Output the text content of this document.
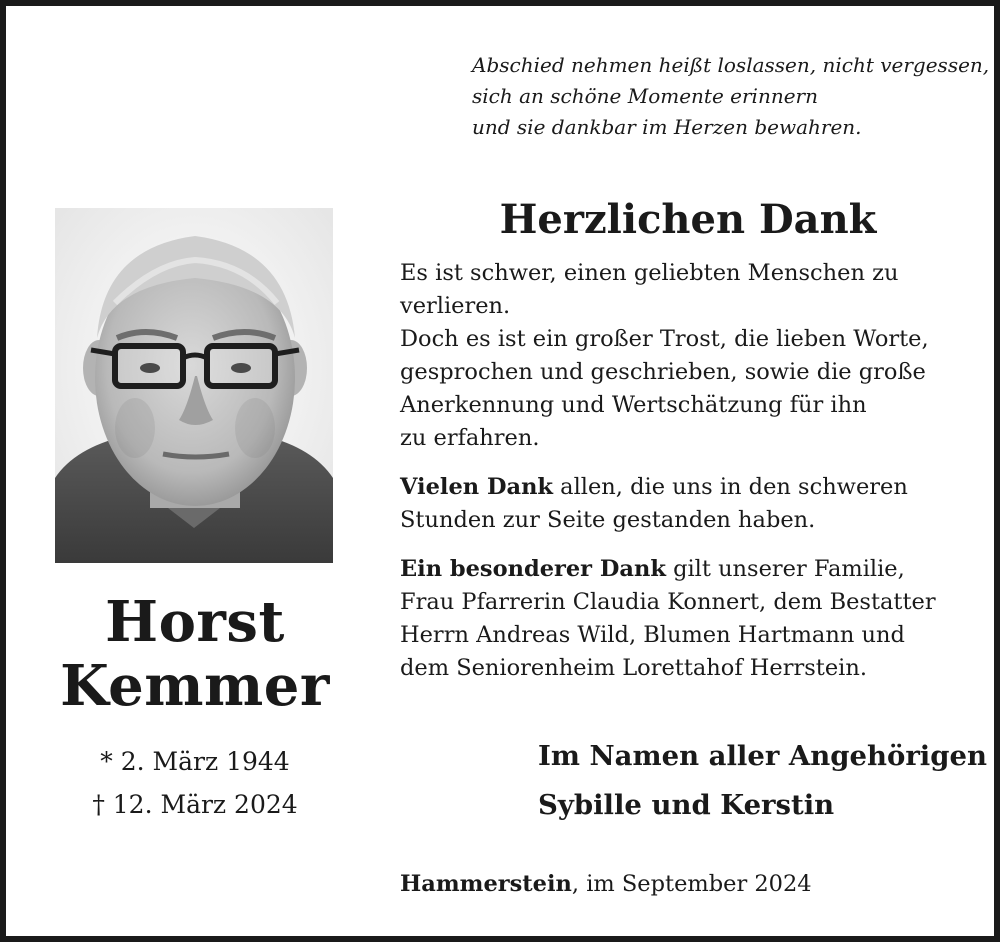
Abschied nehmen heißt loslassen, nicht vergessen,
sich an schöne Momente erinnern
und sie dankbar im Herzen bewahren.
Horst
Kemmer
* 2. März 1944
† 12. März 2024
Herzlichen Dank
Es ist schwer, einen geliebten Menschen zu
verlieren.
Doch es ist ein großer Trost, die lieben Worte,
gesprochen und geschrieben, sowie die große
Anerkennung und Wertschätzung für ihn
zu erfahren.
Vielen Dank allen, die uns in den schweren
Stunden zur Seite gestanden haben.
Ein besonderer Dank gilt unserer Familie,
Frau Pfarrerin Claudia Konnert, dem Bestatter
Herrn Andreas Wild, Blumen Hartmann und
dem Seniorenheim Lorettahof Herrstein.
Im Namen aller Angehörigen
Sybille und Kerstin
Hammerstein, im September 2024
